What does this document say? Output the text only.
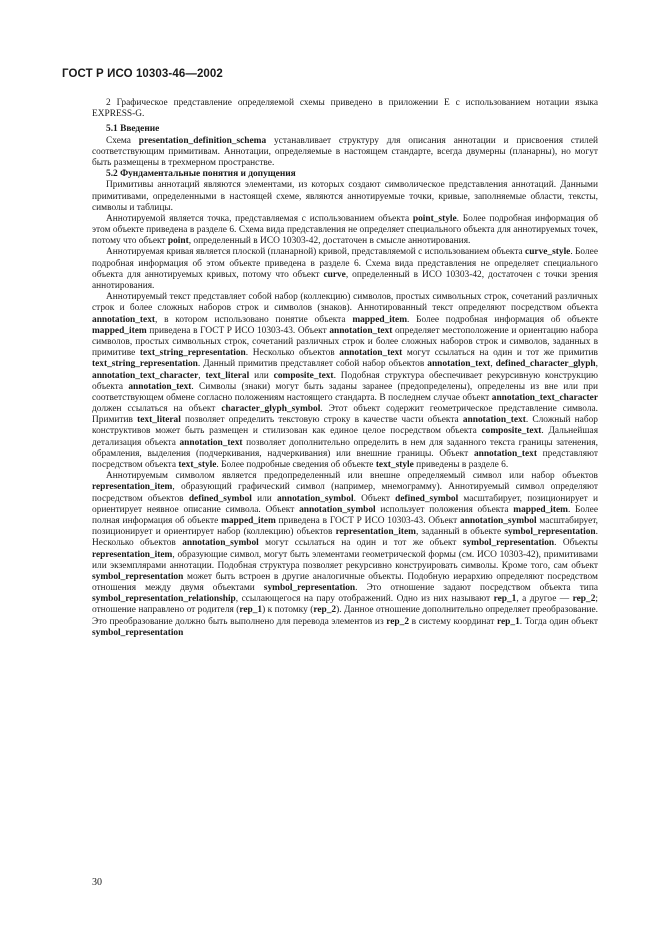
ГОСТ Р ИСО 10303-46—2002

2 Графическое представление определяемой схемы приведено в приложении E с использованием нотации языка EXPRESS-G.

5.1 Введение

Схема presentation_definition_schema устанавливает структуру для описания аннотации и присвоения стилей соответствующим примитивам. Аннотации, определяемые в настоящем стандарте, всегда двумерны (планарны), но могут быть размещены в трехмерном пространстве.

5.2 Фундаментальные понятия и допущения

Примитивы аннотаций являются элементами, из которых создают символическое представления аннотаций. Данными примитивами, определенными в настоящей схеме, являются аннотируемые точки, кривые, заполняемые области, тексты, символы и таблицы.

Аннотируемой является точка, представляемая с использованием объекта point_style. Более подробная информация об этом объекте приведена в разделе 6. Схема вида представления не определяет специального объекта для аннотируемых точек, потому что объект point, определенный в ИСО 10303-42, достаточен в смысле аннотирования.

Аннотируемая кривая является плоской (планарной) кривой, представляемой с использованием объекта curve_style. Более подробная информация об этом объекте приведена в разделе 6. Схема вида представления не определяет специального объекта для аннотируемых кривых, потому что объект curve, определенный в ИСО 10303-42, достаточен с точки зрения аннотирования.

Аннотируемый текст представляет собой набор (коллекцию) символов, простых символьных строк, сочетаний различных строк и более сложных наборов строк и символов (знаков). Аннотированный текст определяют посредством объекта annotation_text, в котором использовано понятие объекта mapped_item. Более подробная информация об объекте mapped_item приведена в ГОСТ Р ИСО 10303-43. Объект annotation_text определяет местоположение и ориентацию набора символов, простых символьных строк, сочетаний различных строк и более сложных наборов строк и символов, заданных в примитиве text_string_representation. Несколько объектов annotation_text могут ссылаться на один и тот же примитив text_string_representation. Данный примитив представляет собой набор объектов annotation_text, defined_character_glyph, annotation_text_character, text_literal или composite_text. Подобная структура обеспечивает рекурсивную конструкцию объекта annotation_text. Символы (знаки) могут быть заданы заранее (предопределены), определены из вне или при соответствующем обмене согласно положениям настоящего стандарта. В последнем случае объект annotation_text_character должен ссылаться на объект character_glyph_symbol. Этот объект содержит геометрическое представление символа. Примитив text_literal позволяет определить текстовую строку в качестве части объекта annotation_text. Сложный набор конструктивов может быть размещен и стилизован как единое целое посредством объекта composite_text. Дальнейшая детализация объекта annotation_text позволяет дополнительно определить в нем для заданного текста границы затенения, обрамления, выделения (подчеркивания, надчеркивания) или внешние границы. Объект annotation_text представляют посредством объекта text_style. Более подробные сведения об объекте text_style приведены в разделе 6.

Аннотируемым символом является предопределенный или внешне определяемый символ или набор объектов representation_item, образующий графический символ (например, мнемограмму). Аннотируемый символ определяют посредством объектов defined_symbol или annotation_symbol. Объект defined_symbol масштабирует, позиционирует и ориентирует неявное описание символа. Объект annotation_symbol использует положения объекта mapped_item. Более полная информация об объекте mapped_item приведена в ГОСТ Р ИСО 10303-43. Объект annotation_symbol масштабирует, позиционирует и ориентирует набор (коллекцию) объектов representation_item, заданный в объекте symbol_representation. Несколько объектов annotation_symbol могут ссылаться на один и тот же объект symbol_representation. Объекты representation_item, образующие символ, могут быть элементами геометрической формы (см. ИСО 10303-42), примитивами или экземплярами аннотации. Подобная структура позволяет рекурсивно конструировать символы. Кроме того, сам объект symbol_representation может быть встроен в другие аналогичные объекты. Подобную иерархию определяют посредством отношения между двумя объектами symbol_representation. Это отношение задают посредством объекта типа symbol_representation_relationship, ссылающегося на пару отображений. Одно из них называют rep_1, а другое — rep_2; отношение направлено от родителя (rep_1) к потомку (rep_2). Данное отношение дополнительно определяет преобразование. Это преобразование должно быть выполнено для перевода элементов из rep_2 в систему координат rep_1. Тогда один объект symbol_representation

30
